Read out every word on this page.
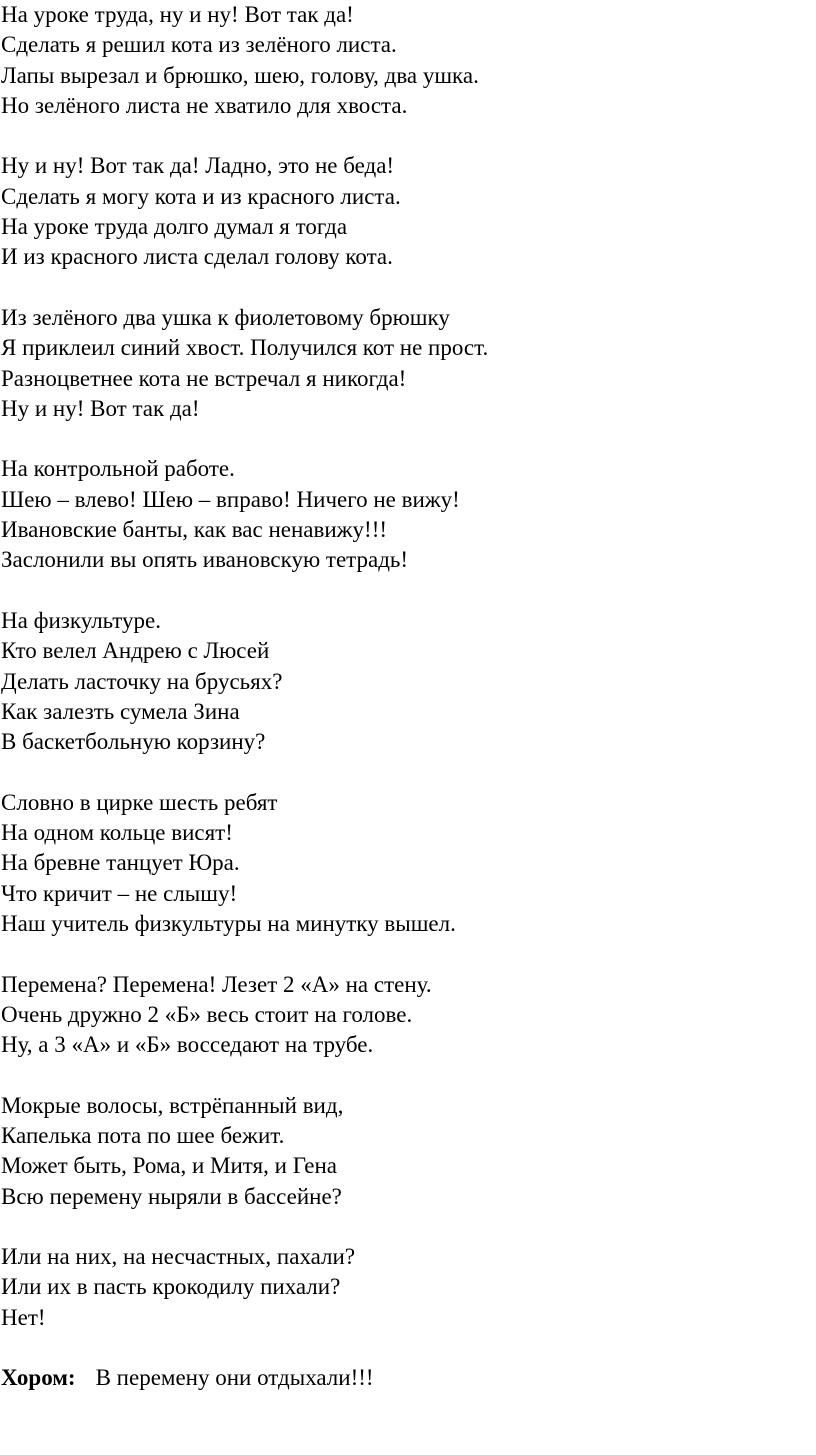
На уроке труда, ну и ну! Вот так да!
Сделать я решил кота из зелёного листа.
Лапы вырезал и брюшко, шею, голову, два ушка.
Но зелёного листа не хватило для хвоста.
Ну и ну! Вот так да! Ладно, это не беда!
Сделать я могу кота и из красного листа.
На уроке труда долго думал я тогда
И из красного листа сделал голову кота.
Из зелёного два ушка к фиолетовому брюшку
Я приклеил синий хвост. Получился кот не прост.
Разноцветнее кота не встречал я никогда!
Ну и ну! Вот так да!
На контрольной работе.
Шею – влево! Шею – вправо! Ничего не вижу!
Ивановские банты, как вас ненавижу!!!
Заслонили вы опять ивановскую тетрадь!
На физкультуре.
Кто велел Андрею с Люсей
Делать ласточку на брусьях?
Как залезть сумела Зина
В баскетбольную корзину?
Словно в цирке шесть ребят
На одном кольце висят!
На бревне танцует Юра.
Что кричит – не слышу!
Наш учитель физкультуры на минутку вышел.
Перемена? Перемена! Лезет 2 «А» на стену.
Очень дружно 2 «Б» весь стоит на голове.
Ну, а 3 «А» и «Б» восседают на трубе.
Мокрые волосы, встрёпанный вид,
Капелька пота по шее бежит.
Может быть, Рома, и Митя, и Гена
Всю перемену ныряли в бассейне?
Или на них, на несчастных, пахали?
Или их в пасть крокодилу пихали?
Нет!
Хором: В перемену они отдыхали!!!
